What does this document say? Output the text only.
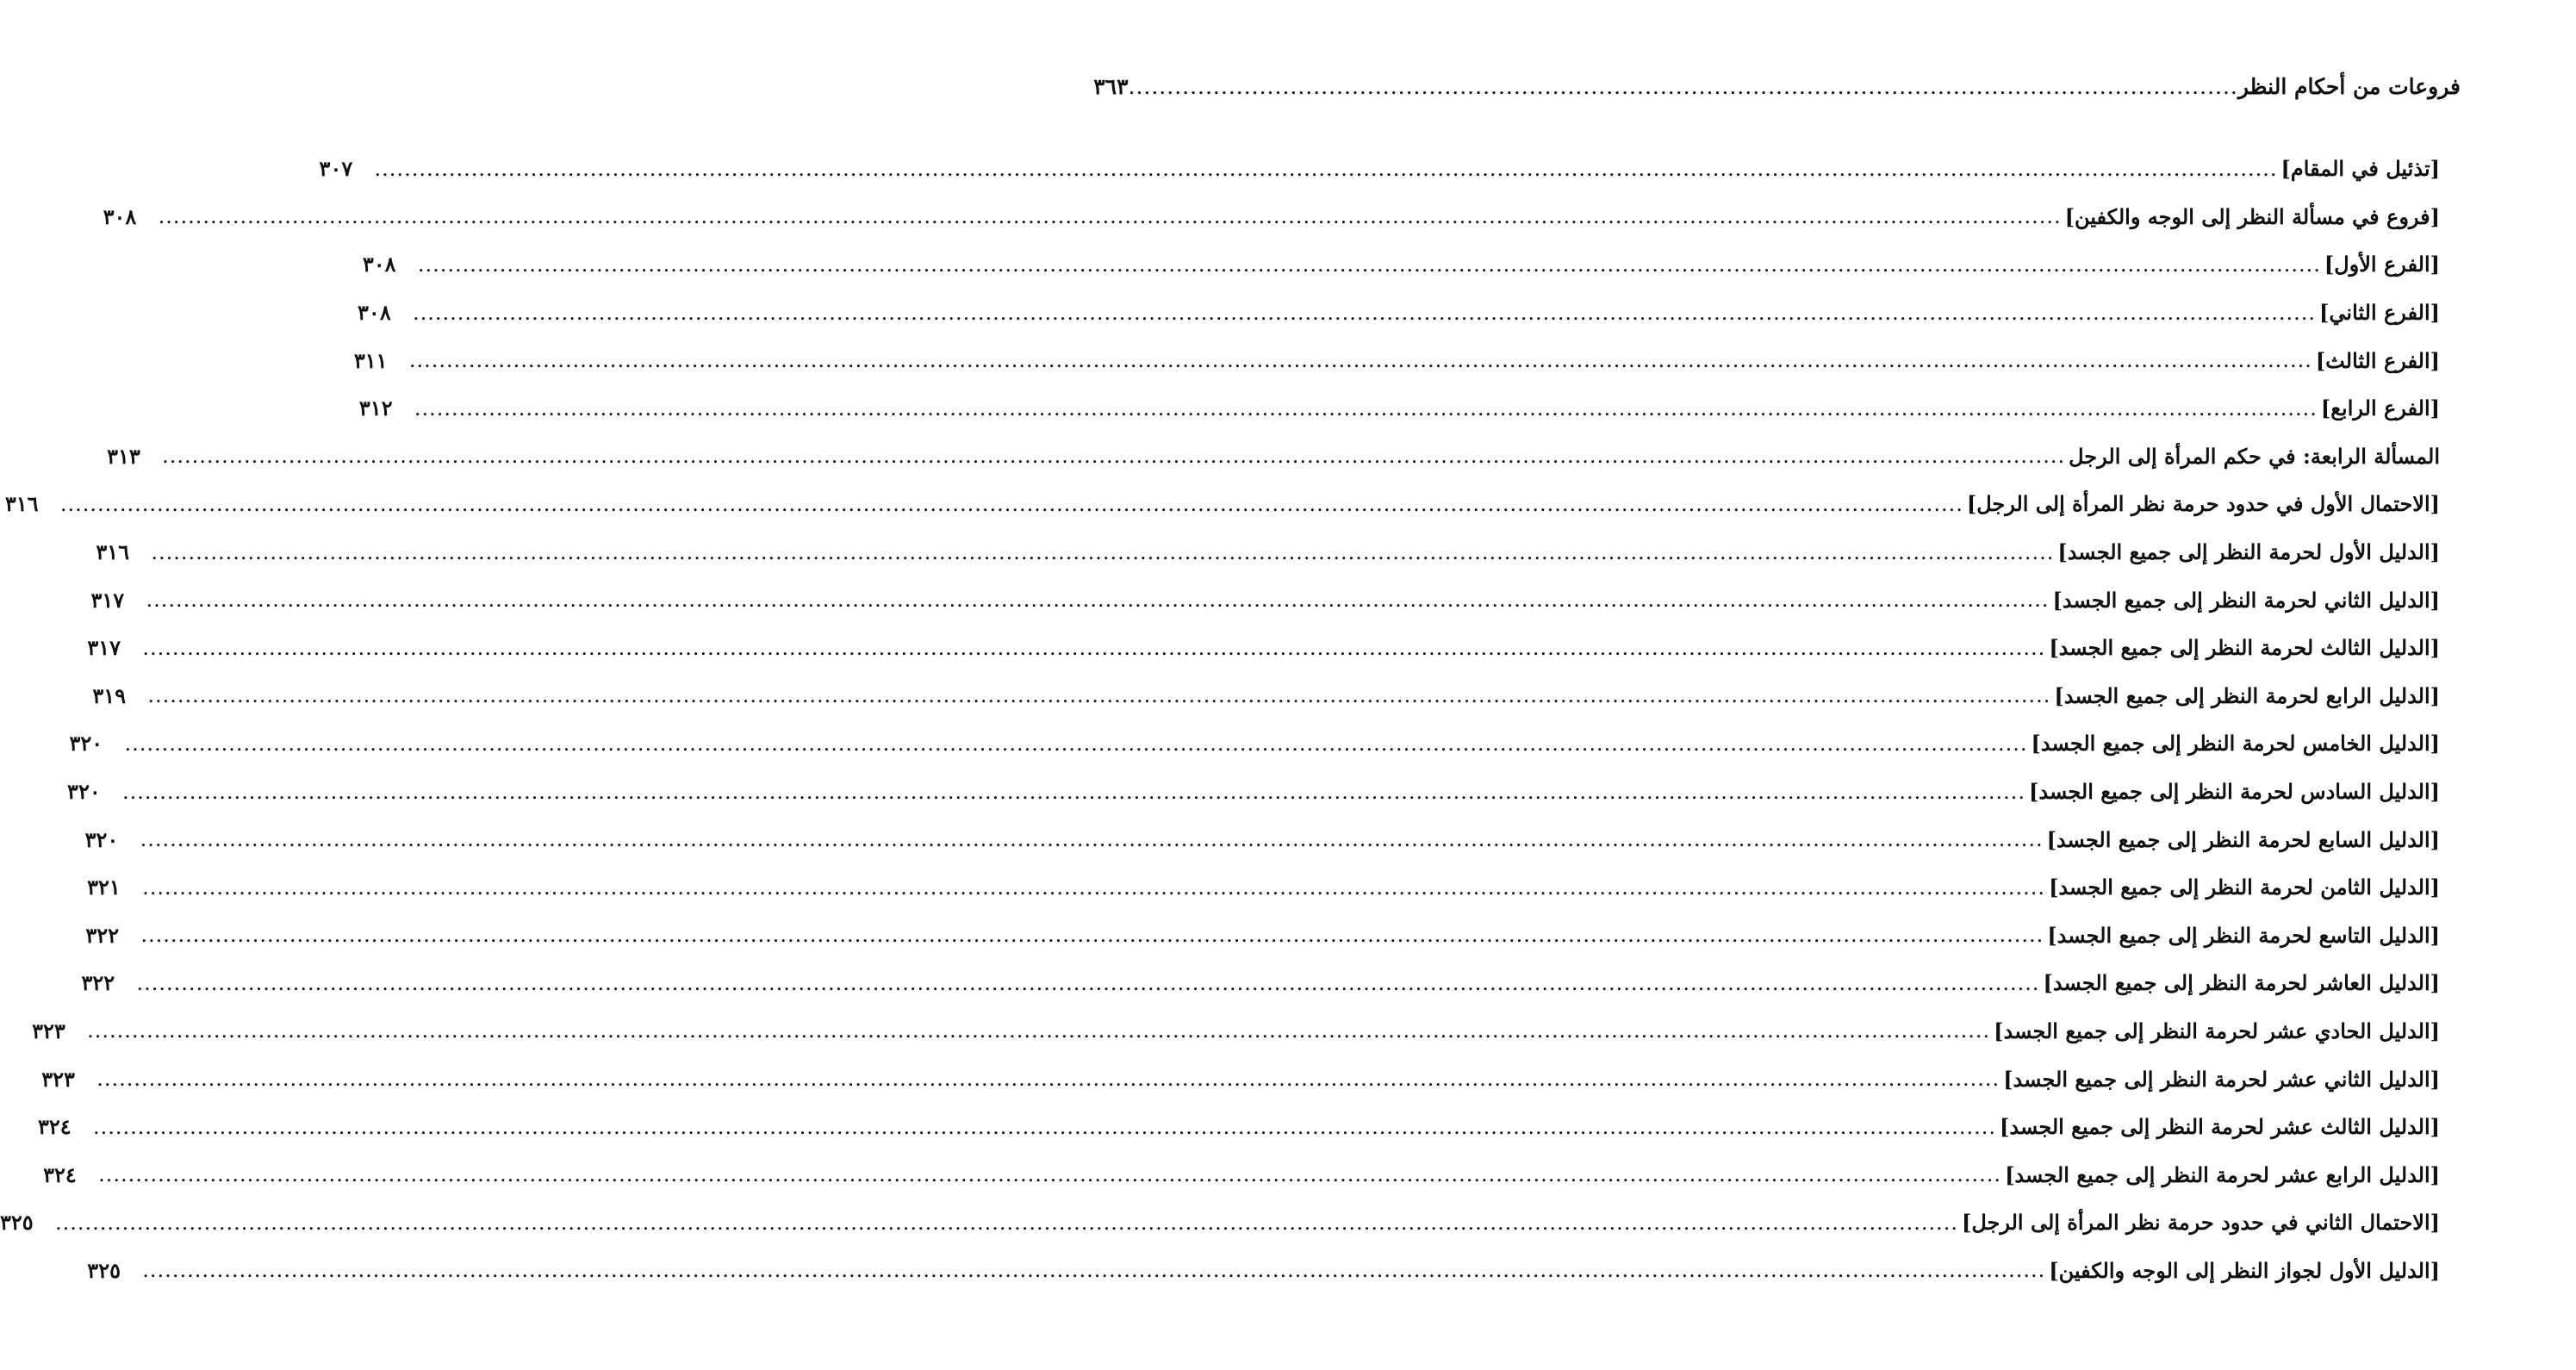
فروعات من أحكام النظر
................................................................................................................................................
٣٦٣
[تذئيل في المقام]
................................................................................................................................................................................................................................................................
٣٠٧
[فروع في مسألة النظر إلى الوجه والكفين]
................................................................................................................................................................................................................................................................
٣٠٨
[الفرع الأول]
................................................................................................................................................................................................................................................................
٣٠٨
[الفرع الثاني]
................................................................................................................................................................................................................................................................
٣٠٨
[الفرع الثالث]
................................................................................................................................................................................................................................................................
٣١١
[الفرع الرابع]
................................................................................................................................................................................................................................................................
٣١٢
المسألة الرابعة: في حكم المرأة إلى الرجل
................................................................................................................................................................................................................................................................
٣١٣
[الاحتمال الأول في حدود حرمة نظر المرأة إلى الرجل]
................................................................................................................................................................................................................................................................
٣١٦
[الدليل الأول لحرمة النظر إلى جميع الجسد]
................................................................................................................................................................................................................................................................
٣١٦
[الدليل الثاني لحرمة النظر إلى جميع الجسد]
................................................................................................................................................................................................................................................................
٣١٧
[الدليل الثالث لحرمة النظر إلى جميع الجسد]
................................................................................................................................................................................................................................................................
٣١٧
[الدليل الرابع لحرمة النظر إلى جميع الجسد]
................................................................................................................................................................................................................................................................
٣١٩
[الدليل الخامس لحرمة النظر إلى جميع الجسد]
................................................................................................................................................................................................................................................................
٣٢٠
[الدليل السادس لحرمة النظر إلى جميع الجسد]
................................................................................................................................................................................................................................................................
٣٢٠
[الدليل السابع لحرمة النظر إلى جميع الجسد]
................................................................................................................................................................................................................................................................
٣٢٠
[الدليل الثامن لحرمة النظر إلى جميع الجسد]
................................................................................................................................................................................................................................................................
٣٢١
[الدليل التاسع لحرمة النظر إلى جميع الجسد]
................................................................................................................................................................................................................................................................
٣٢٢
[الدليل العاشر لحرمة النظر إلى جميع الجسد]
................................................................................................................................................................................................................................................................
٣٢٢
[الدليل الحادي عشر لحرمة النظر إلى جميع الجسد]
................................................................................................................................................................................................................................................................
٣٢٣
[الدليل الثاني عشر لحرمة النظر إلى جميع الجسد]
................................................................................................................................................................................................................................................................
٣٢٣
[الدليل الثالث عشر لحرمة النظر إلى جميع الجسد]
................................................................................................................................................................................................................................................................
٣٢٤
[الدليل الرابع عشر لحرمة النظر إلى جميع الجسد]
................................................................................................................................................................................................................................................................
٣٢٤
[الاحتمال الثاني في حدود حرمة نظر المرأة إلى الرجل]
................................................................................................................................................................................................................................................................
٣٢٥
[الدليل الأول لجواز النظر إلى الوجه والكفين]
................................................................................................................................................................................................................................................................
٣٢٥
